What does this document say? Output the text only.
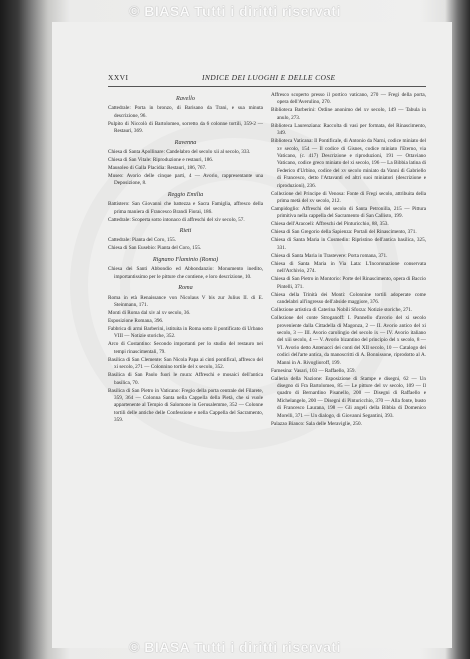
© BIASA Tutti i diritti riservati
XXVI	INDICE DEI LUOGHI E DELLE COSE

Ravello

Cattedrale: Porta in bronzo, di Barisano da Trani, e sua minuta descrizione, 96.

Pulpito di Niccolò di Bartolomeo, sorretto da 6 colonne tortili, 359-2 — Restauri, 369.

Ravenna

Chiesa di Santa Apollinare: Candelabro del secolo xii al secolo, 333.

Chiesa di San Vitale: Riproduzione e restauri, 186.

Mausoleo di Galla Placidia: Restauri, 186, 767.

Museo: Avorio delle cinque parti, 4 — Avorio, rappresentante una Deposizione, 8.

Reggio Emilia

Battistero: San Giovanni che battezza e Sacra Famiglia, affresco della prima maniera di Francesco Brandi Fiorai, 186.

Cattedrale: Scoperta sotto intonaco di affreschi del xiv secolo, 57.

Rieti

Cattedrale: Pianta del Coro, 155.

Chiesa di San Eusebio: Pianta del Coro, 155.

Rignano Flaminio (Roma)

Chiesa dei Santi Abbondio ed Abbondanzio: Monumento inedito, importantissimo per le pitture che contiene, e loro descrizione, 10.

Roma

Roma in età Renaissance von Nicolaus V bis zur Julius II. di E. Steinmann, 171.

Monti di Roma dal xiv al xv secolo, 36.

Esposizione Romana, 396.

Fabbrica di armi Barberini, istituita in Roma sotto il pontificato di Urbano VIII — Notizie storiche, 352.

Arco di Costantino: Secondo importanti per lo studio del restauro nei tempi rinascimentali, 79.

Basilica di San Clemente: San Nicola Papa ai cinti pontifical, affresco del xi secolo, 271 — Colonnino tortile del x secolo, 352.

Basilica di San Paolo fuori le mura: Affreschi e mosaici dell'antica basilica, 70.

Basilica di San Pietro in Vaticano: Fregio della porta centrale del Filarete, 359, 364 — Colonna Santa nella Cappella della Pietà, che si vuole appartenente al Tempio di Salomone in Gerusalemme, 352 — Colonne tortili delle antiche delle Confessione e nella Cappella del Sacramento, 359.

Affresco scoperto presso il portico vaticano, 270 — Fregi della porta, opera dell'Averulino, 270.

Biblioteca Barberini: Ordine anonimo del xv secolo, 149 — Tabula in anulo, 273.

Biblioteca Laurenziana: Raccolta di vasi per formata, del Rinascimento, 349.

Biblioteca Vaticana: Il Pontificale, di Antonio da Narni, codice miniato del xv secolo, 154 — Il codice di Gisnes, codice miniato l'Eterno, via Vaticano, (c. 417) Descrizione e riproduzioni, 191 — Ottaviano Vaticano, codice greco miniato del xi secolo, 196 — La Bibbia latina di Federico d'Urbino, codice del xv secolo miniato da Vanni di Gabriello di Francesco, detto l'Attavanti ed altri suoi miniatori (descrizione e riproduzioni), 236.

Collezione del Principe di Venosa: Fonte di Fregi secolo, attribuita della prima metà del xv secolo, 212.

Campidoglio: Affreschi del secolo di Santa Petronilla, 215 — Pittura primitiva nella cappella del Sacramento di San Callisto, 199.

Chiesa dell'Aracoeli: Affreschi del Pinturicchio, 88, 353.

Chiesa di San Gregorio della Sapienza: Portali del Rinascimento, 371.

Chiesa di Santa Maria in Cosmedin: Ripristino dell'antica basilica, 325, 331.

Chiesa di Santa Maria in Trastevere: Porta romana, 371.

Chiesa di Santa Maria in Via Lata: L'Incoronazione conservata nell'Archivio, 274.

Chiesa di San Pietro in Montorio: Porte del Rinascimento, opera di Baccio Pintelli, 371.

Chiesa della Trinità dei Monti: Colonnine tortili adoperate come candelabri all'ingresso dell'abside maggiore, 376.

Collezione artistica di Caterina Nobili Sforza: Notizie storiche, 271.

Collezione del conte Stroganoff: I. Pannello d'avorio del xi secolo proveniente dalla Cittadella di Magonza, 2 — II. Avorio antico del xi secolo, 3 — III. Avorio carolingio del secolo ix — IV. Avorio italiano del xiii secolo, 4 — V. Avorio bizantino del principio del x secolo, 8 — VI. Avorio detto Antenacci dei conti del XII secolo, 10 — Catalogo dei codici dell'arte antica, da manoscritti di A. Bonnissone, riprodotto al A. Manni in A. Rivoglioroff, 199.

Farnesina: Vasari, 103 — Raffaello, 359.

Galleria della Nazione: Esposizione di Stampe e disegni, 62 — Un disegno di Fra Bartolomeo, 85 — Le pitture del xv secolo, 109 — Il quadro di Bernardino Pisanello, 200 — Disegni di Raffaello e Michelangelo, 200 — Disegni di Pinturicchio, 370 — Alla fonte, busto di Francesco Laurana, 198 — Gli angeli della Bibbia di Domenico Morelli, 371 — Un dialogo, di Giovanni Segantini, 393.

Palazzo Bianco: Sala delle Meraviglie, 250.

© BIASA Tutti i diritti riservati
